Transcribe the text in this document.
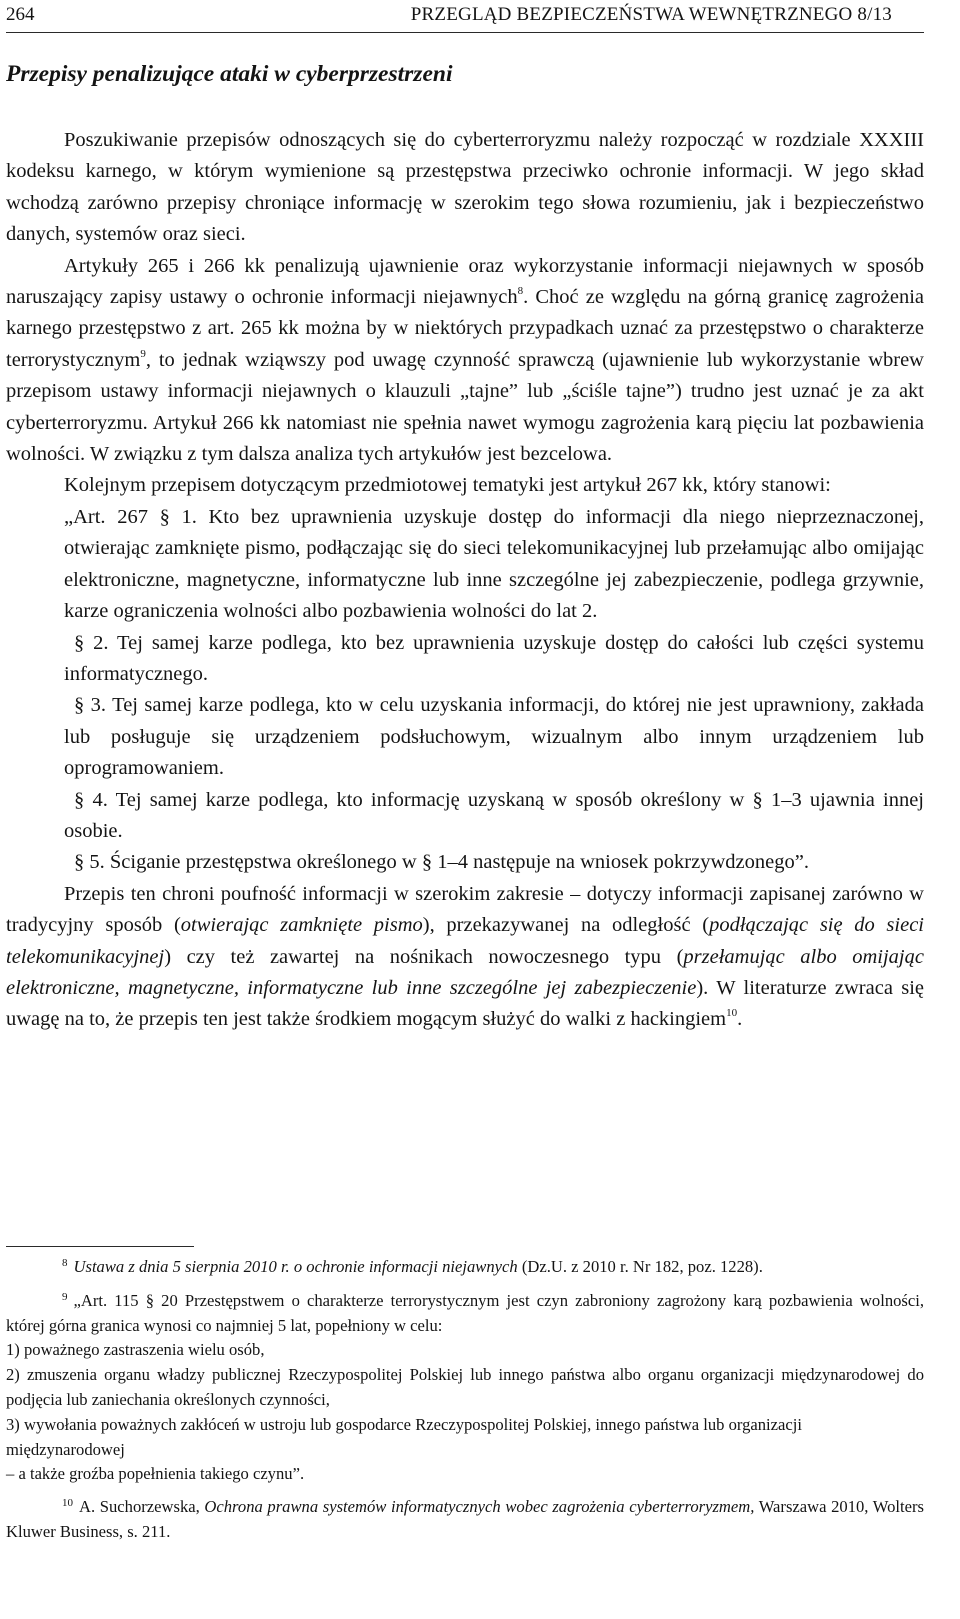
264	PRZEGLĄD BEZPIECZEŃSTWA WEWNĘTRZNEGO 8/13
Przepisy penalizujące ataki w cyberprzestrzeni

Poszukiwanie przepisów odnoszących się do cyberterroryzmu należy rozpocząć w rozdziale XXXIII kodeksu karnego, w którym wymienione są przestępstwa przeciwko ochronie informacji. W jego skład wchodzą zarówno przepisy chroniące informację w szerokim tego słowa rozumieniu, jak i bezpieczeństwo danych, systemów oraz sieci.

Artykuły 265 i 266 kk penalizują ujawnienie oraz wykorzystanie informacji niejawnych w sposób naruszający zapisy ustawy o ochronie informacji niejawnych$^8$. Choć ze względu na górną granicę zagrożenia karnego przestępstwo z art. 265 kk można by w niektórych przypadkach uznać za przestępstwo o charakterze terrorystycznym$^9$, to jednak wziąwszy pod uwagę czynność sprawczą (ujawnienie lub wykorzystanie wbrew przepisom ustawy informacji niejawnych o klauzuli „tajne” lub „ściśle tajne”) trudno jest uznać je za akt cyberterroryzmu. Artykuł 266 kk natomiast nie spełnia nawet wymogu zagrożenia karą pięciu lat pozbawienia wolności. W związku z tym dalsza analiza tych artykułów jest bezcelowa.

Kolejnym przepisem dotyczącym przedmiotowej tematyki jest artykuł 267 kk, który stanowi:

„Art. 267 § 1. Kto bez uprawnienia uzyskuje dostęp do informacji dla niego nieprzeznaczonej, otwierając zamknięte pismo, podłączając się do sieci telekomunikacyjnej lub przełamując albo omijając elektroniczne, magnetyczne, informatyczne lub inne szczególne jej zabezpieczenie, podlega grzywnie, karze ograniczenia wolności albo pozbawienia wolności do lat 2.

§ 2. Tej samej karze podlega, kto bez uprawnienia uzyskuje dostęp do całości lub części systemu informatycznego.

§ 3. Tej samej karze podlega, kto w celu uzyskania informacji, do której nie jest uprawniony, zakłada lub posługuje się urządzeniem podsłuchowym, wizualnym albo innym urządzeniem lub oprogramowaniem.

§ 4. Tej samej karze podlega, kto informację uzyskaną w sposób określony w § 1–3 ujawnia innej osobie.

§ 5. Ściganie przestępstwa określonego w § 1–4 następuje na wniosek pokrzywdzonego”.

Przepis ten chroni poufność informacji w szerokim zakresie – dotyczy informacji zapisanej zarówno w tradycyjny sposób (otwierając zamknięte pismo), przekazywanej na odległość (podłączając się do sieci telekomunikacyjnej) czy też zawartej na nośnikach nowoczesnego typu (przełamując albo omijając elektroniczne, magnetyczne, informatyczne lub inne szczególne jej zabezpieczenie). W literaturze zwraca się uwagę na to, że przepis ten jest także środkiem mogącym służyć do walki z hackingiem$^{10}$.

$^8$ Ustawa z dnia 5 sierpnia 2010 r. o ochronie informacji niejawnych (Dz.U. z 2010 r. Nr 182, poz. 1228).

$^9$ „Art. 115 § 20 Przestępstwem o charakterze terrorystycznym jest czyn zabroniony zagrożony karą pozbawienia wolności, której górna granica wynosi co najmniej 5 lat, popełniony w celu:

1) poważnego zastraszenia wielu osób,

2) zmuszenia organu władzy publicznej Rzeczypospolitej Polskiej lub innego państwa albo organu organizacji międzynarodowej do podjęcia lub zaniechania określonych czynności,

3) wywołania poważnych zakłóceń w ustroju lub gospodarce Rzeczypospolitej Polskiej, innego państwa lub organizacji międzynarodowej

– a także groźba popełnienia takiego czynu”.

$^{10}$ A. Suchorzewska, Ochrona prawna systemów informatycznych wobec zagrożenia cyberterroryzmem, Warszawa 2010, Wolters Kluwer Business, s. 211.
